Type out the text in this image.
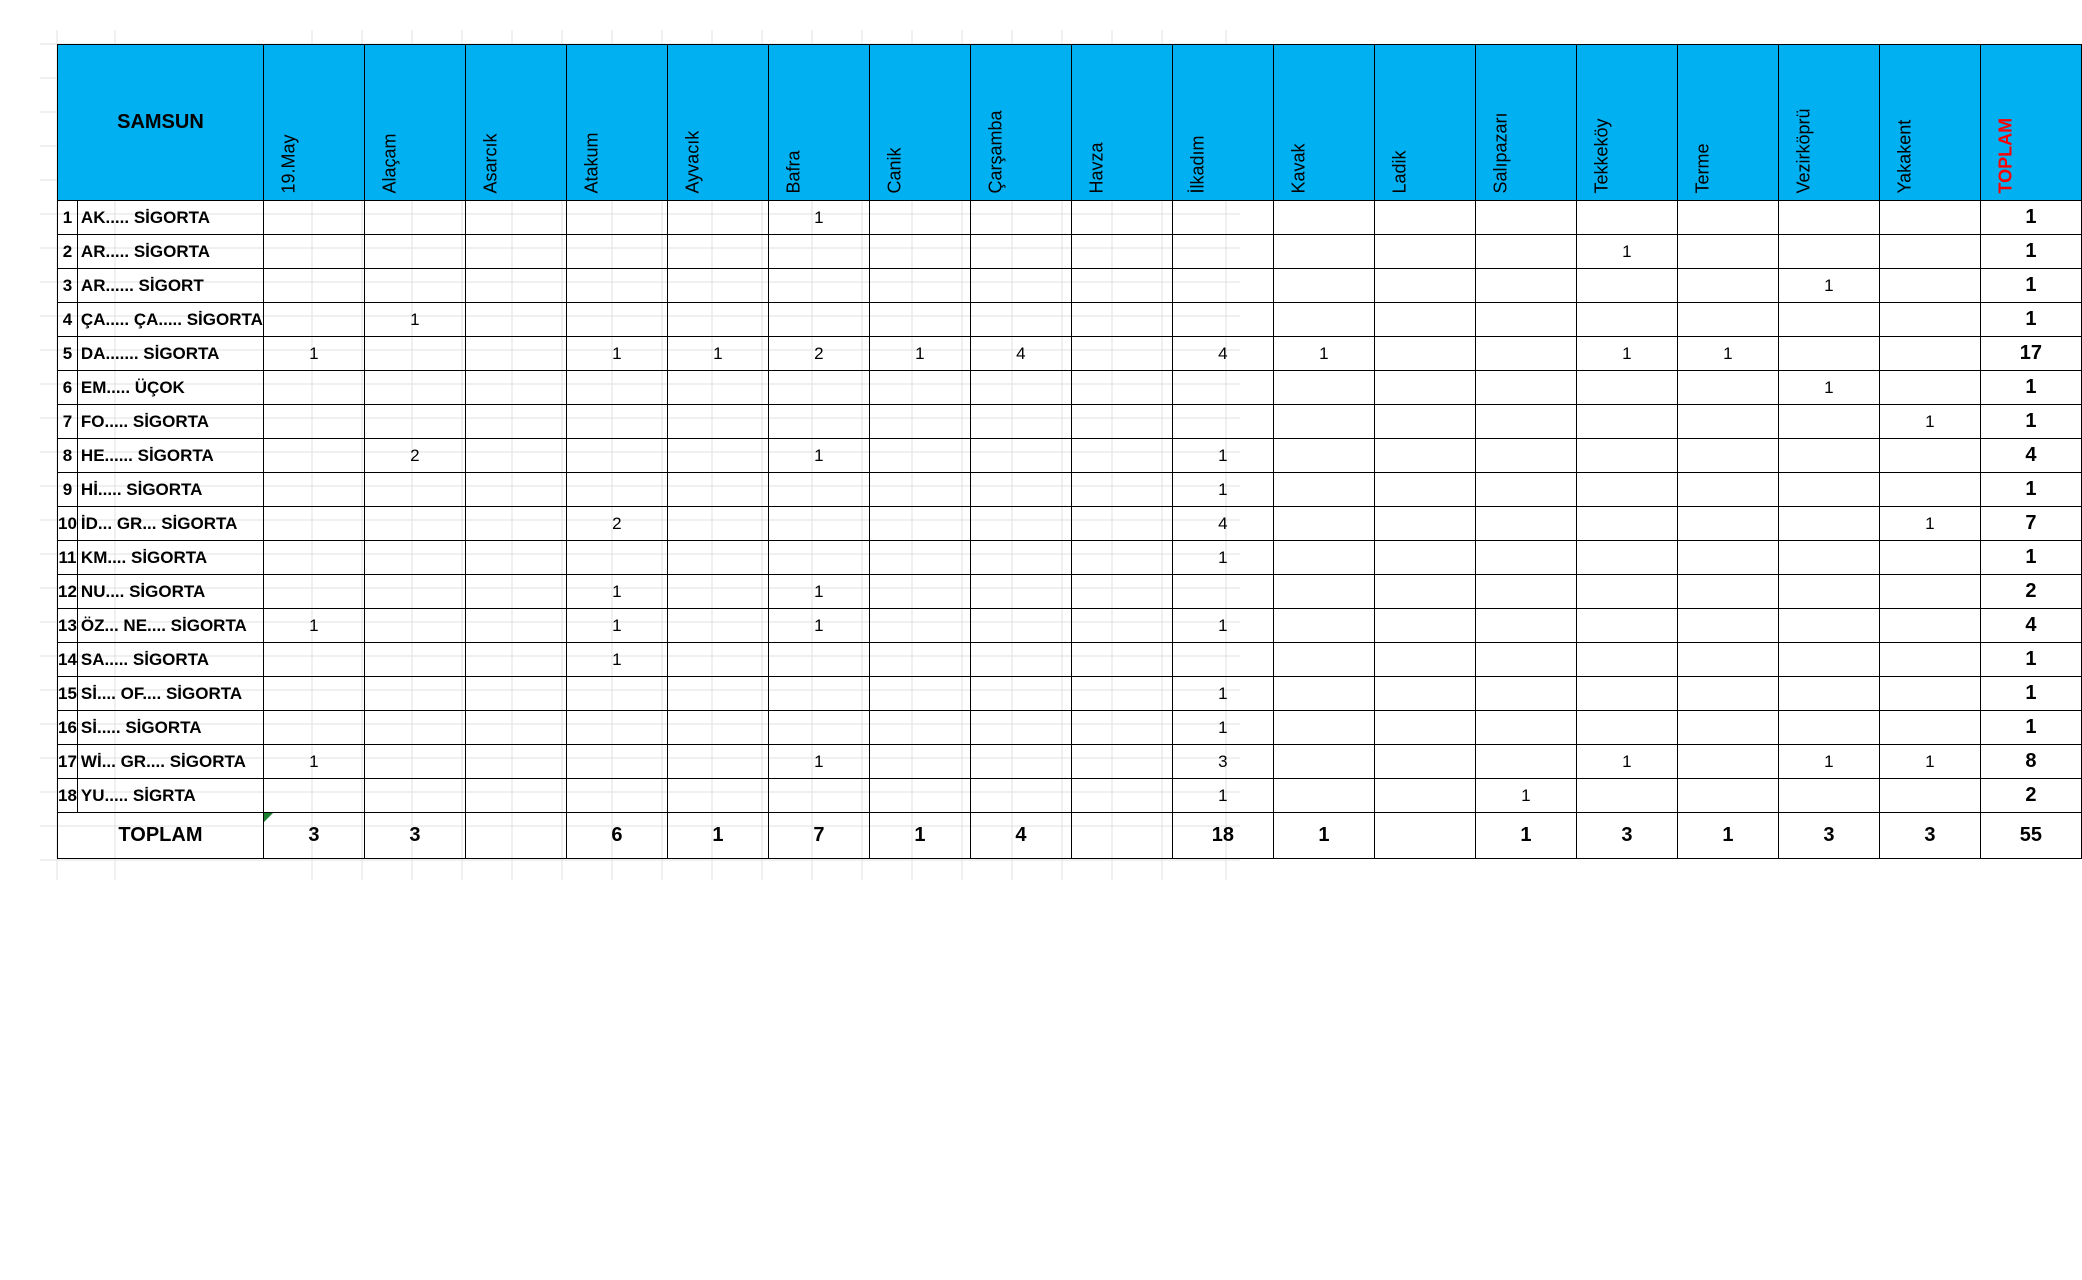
SAMSUN		19.May	Alaçam	Asarcık	Atakum	Ayvacık	Bafra	Canik	Çarşamba	Havza	İlkadım	Kavak	Ladik	Salıpazarı	Tekkeköy	Terme	Vezirköprü	Yakakent	TOPLAM

1	AK..... SİGORTA						1												1
2	AR..... SİGORTA														1				1
3	AR...... SİGORT																1		1
4	ÇA..... ÇA..... SİGORTA		1																1
5	DA....... SİGORTA	1			1	1	2	1	4		4	1			1	1			17
6	EM..... ÜÇOK																1		1
7	FO..... SİGORTA																	1	1
8	HE...... SİGORTA		2				1				1								4
9	Hİ..... SİGORTA										1								1
10	İD... GR... SİGORTA				2						4							1	7
11	KM.... SİGORTA										1								1
12	NU.... SİGORTA				1		1												2
13	ÖZ... NE.... SİGORTA	1			1		1				1								4
14	SA..... SİGORTA				1														1
15	Sİ.... OF.... SİGORTA										1								1
16	Sİ..... SİGORTA										1								1
17	Wİ... GR.... SİGORTA	1					1				3				1		1	1	8
18	YU..... SİGRTA										1			1					2
TOPLAM		3	3		6	1	7	1	4		18	1		1	3	1	3	3	55
